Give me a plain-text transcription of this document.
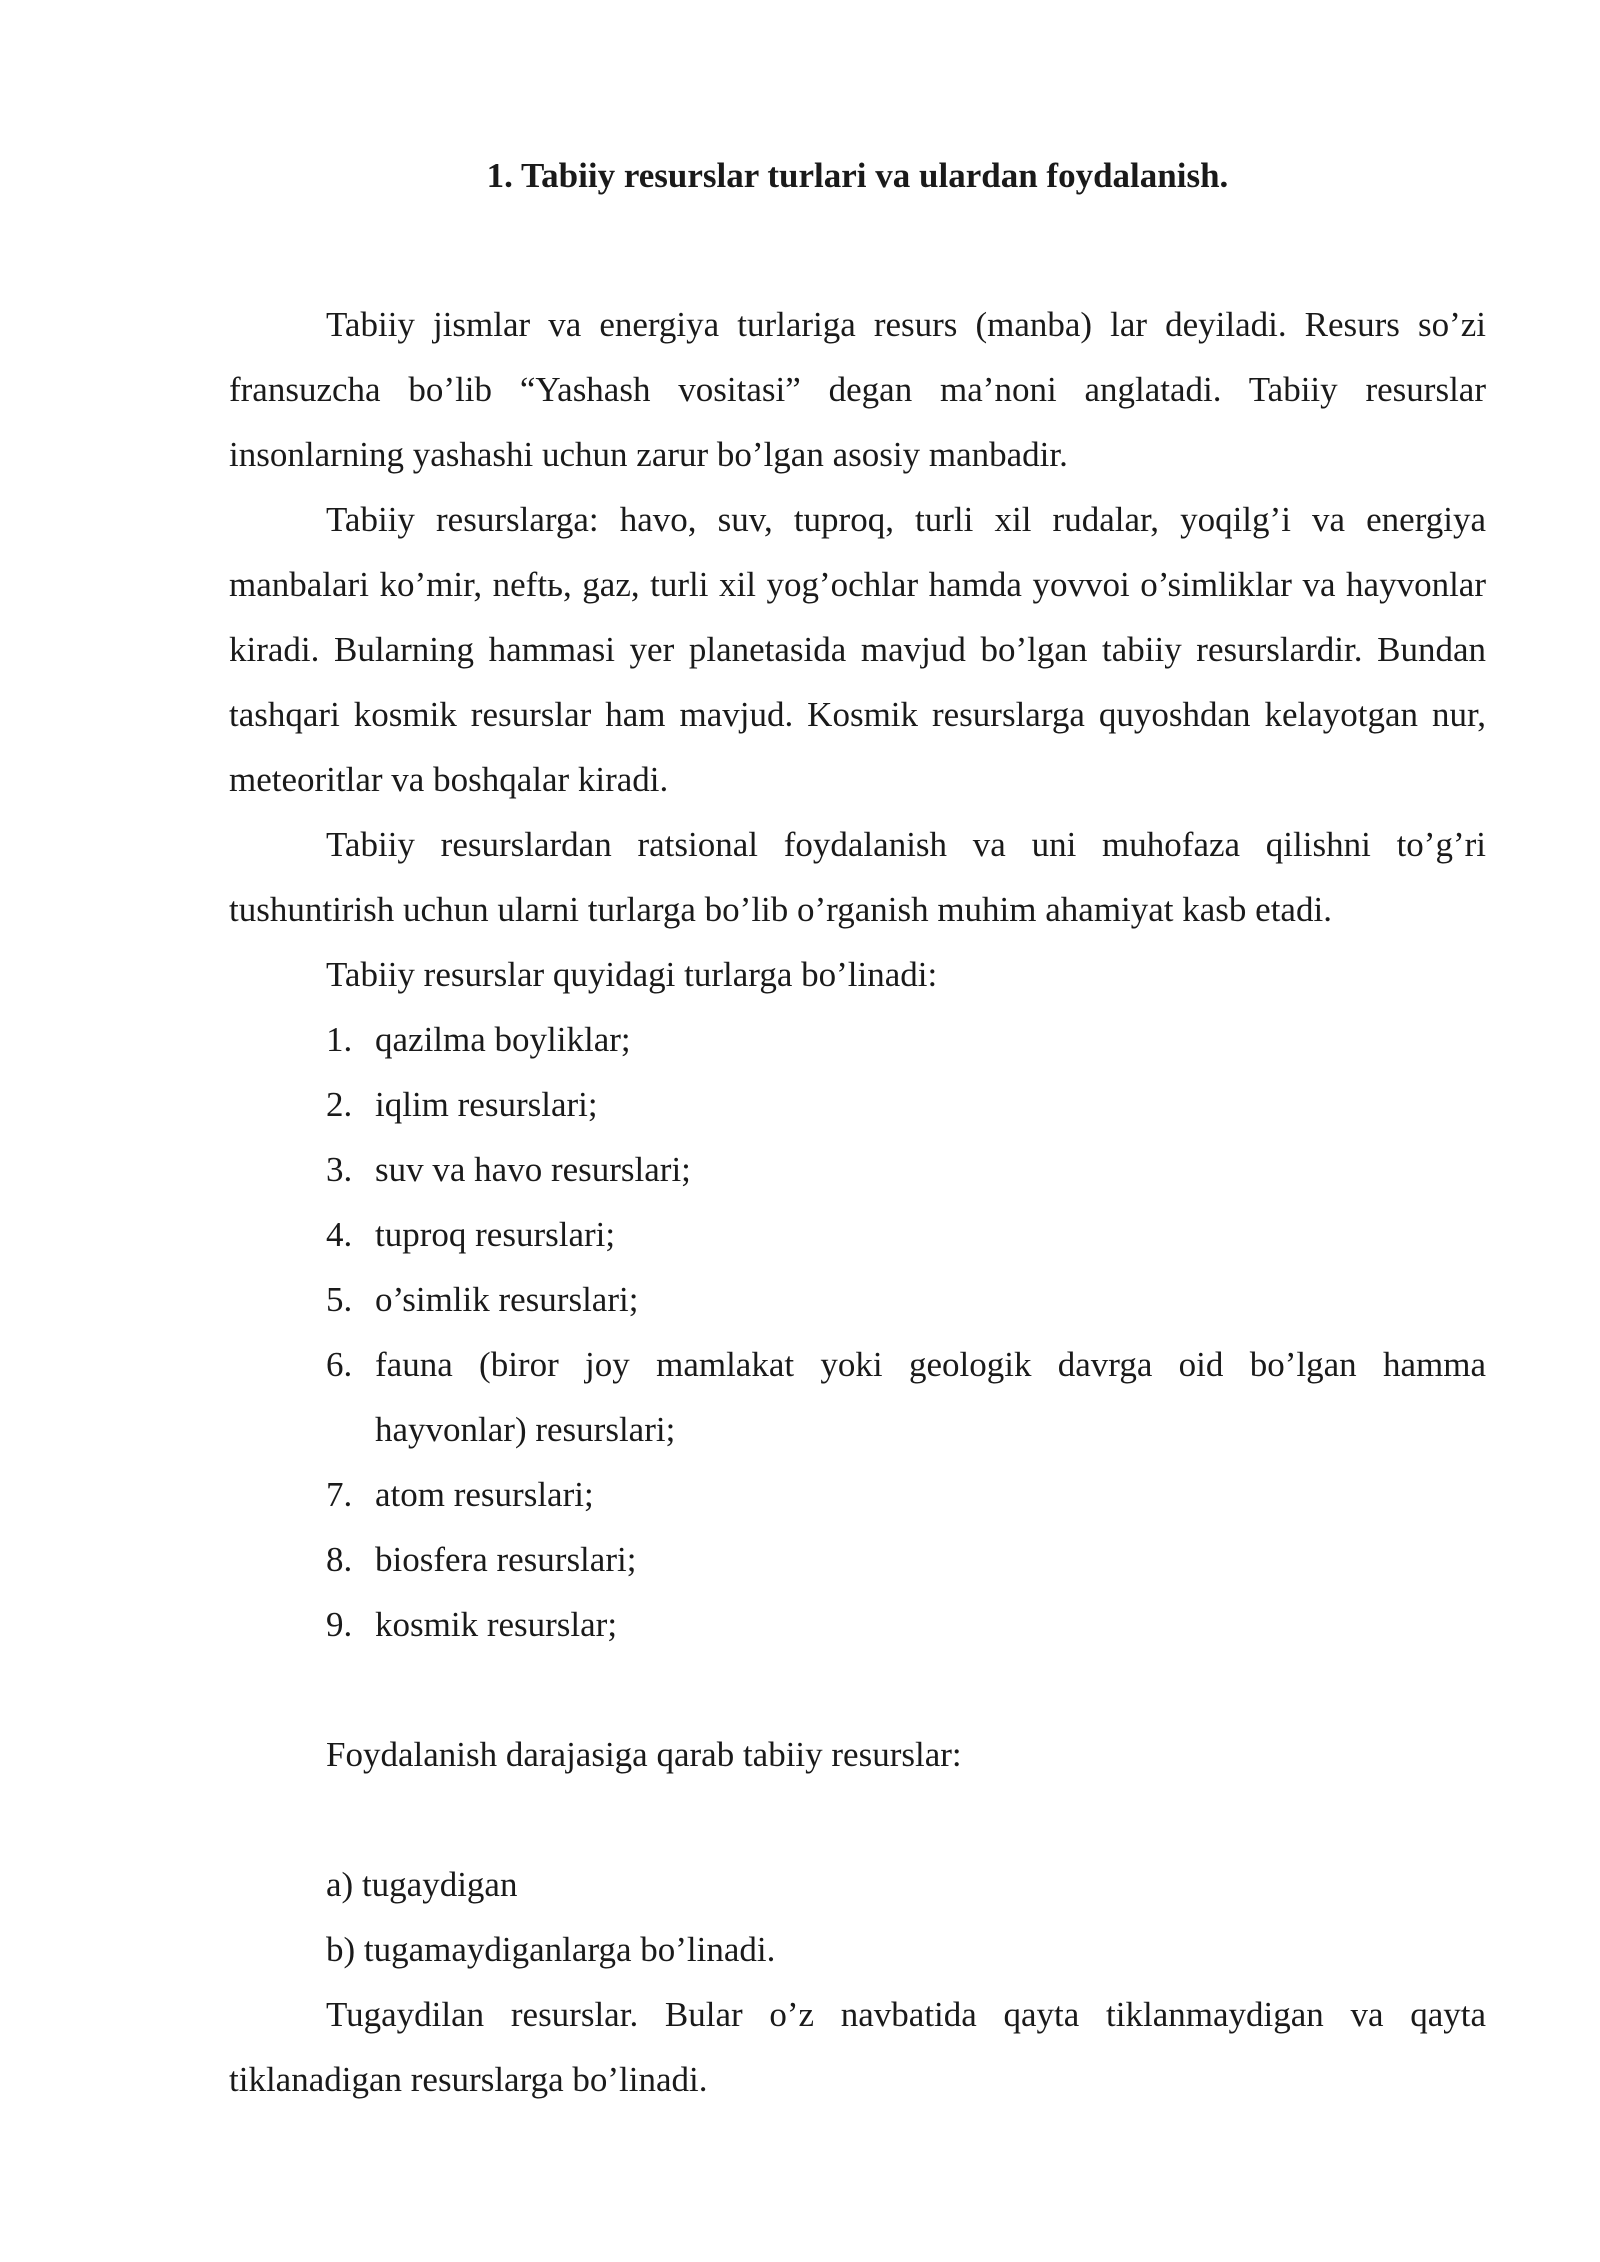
1. Tabiiy resurslar turlari va ulardan foydalanish.

Tabiiy jismlar va energiya turlariga resurs (manba) lar deyiladi. Resurs so’zi fransuzcha bo’lib “Yashash vositasi” degan ma’noni anglatadi. Tabiiy resurslar insonlarning yashashi uchun zarur bo’lgan asosiy manbadir.

Tabiiy resurslarga: havo, suv, tuproq, turli xil rudalar, yoqilg’i va energiya manbalari ko’mir, neftь, gaz, turli xil yog’ochlar hamda yovvoi o’simliklar va hayvonlar kiradi. Bularning hammasi yer planetasida mavjud bo’lgan tabiiy resurslardir. Bundan tashqari kosmik resurslar ham mavjud. Kosmik resurslarga quyoshdan kelayotgan nur, meteoritlar va boshqalar kiradi.

Tabiiy resurslardan ratsional foydalanish va uni muhofaza qilishni to’g’ri tushuntirish uchun ularni turlarga bo’lib o’rganish muhim ahamiyat kasb etadi.

Tabiiy resurslar quyidagi turlarga bo’linadi:

1. qazilma boyliklar;
2. iqlim resurslari;
3. suv va havo resurslari;
4. tuproq resurslari;
5. o’simlik resurslari;
6. fauna (biror joy mamlakat yoki geologik davrga oid bo’lgan hamma hayvonlar) resurslari;
7. atom resurslari;
8. biosfera resurslari;
9. kosmik resurslar;

Foydalanish darajasiga qarab tabiiy resurslar:

a) tugaydigan

b) tugamaydiganlarga bo’linadi.

Tugaydilan resurslar. Bular o’z navbatida qayta tiklanmaydigan va qayta tiklanadigan resurslarga bo’linadi.
